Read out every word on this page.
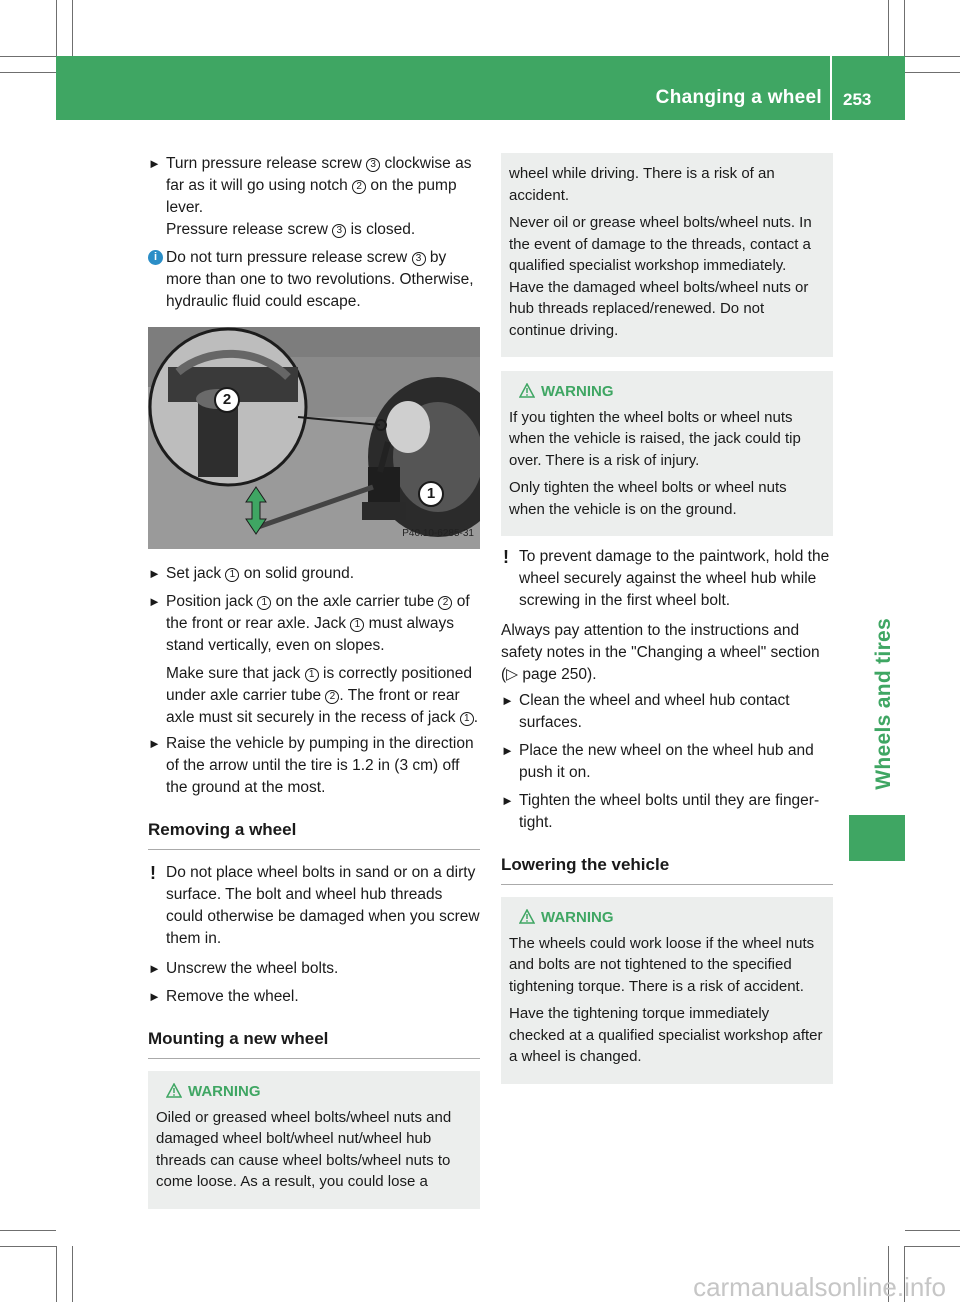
Changing a wheel 253
Wheels and tires
► Turn pressure release screw 3 clockwise as far as it will go using notch 2 on the pump lever.
Pressure release screw 3 is closed.
i Do not turn pressure release screw 3 by more than one to two revolutions. Otherwise, hydraulic fluid could escape.
2
1
P40.10-6285-31
► Set jack 1 on solid ground.
► Position jack 1 on the axle carrier tube 2 of the front or rear axle. Jack 1 must always stand vertically, even on slopes.
Make sure that jack 1 is correctly positioned under axle carrier tube 2 . The front or rear axle must sit securely in the recess of jack 1 .
► Raise the vehicle by pumping in the direction of the arrow until the tire is 1.2 in (3 cm) off the ground at the most.
Removing a wheel
! Do not place wheel bolts in sand or on a dirty surface. The bolt and wheel hub threads could otherwise be damaged when you screw them in.
► Unscrew the wheel bolts.
► Remove the wheel.
Mounting a new wheel
WARNING

Oiled or greased wheel bolts/wheel nuts and damaged wheel bolt/wheel nut/wheel hub threads can cause wheel bolts/wheel nuts to come loose. As a result, you could lose a

wheel while driving. There is a risk of an accident.

Never oil or grease wheel bolts/wheel nuts. In the event of damage to the threads, contact a qualified specialist workshop immediately. Have the damaged wheel bolts/wheel nuts or hub threads replaced/renewed. Do not continue driving.

WARNING

If you tighten the wheel bolts or wheel nuts when the vehicle is raised, the jack could tip over. There is a risk of injury.

Only tighten the wheel bolts or wheel nuts when the vehicle is on the ground.

! To prevent damage to the paintwork, hold the wheel securely against the wheel hub while screwing in the first wheel bolt.
Always pay attention to the instructions and safety notes in the "Changing a wheel" section (▷ page 250).
► Clean the wheel and wheel hub contact surfaces.
► Place the new wheel on the wheel hub and push it on.
► Tighten the wheel bolts until they are finger-tight.
Lowering the vehicle
WARNING

The wheels could work loose if the wheel nuts and bolts are not tightened to the specified tightening torque. There is a risk of accident.

Have the tightening torque immediately checked at a qualified specialist workshop after a wheel is changed.

carmanualsonline.info
